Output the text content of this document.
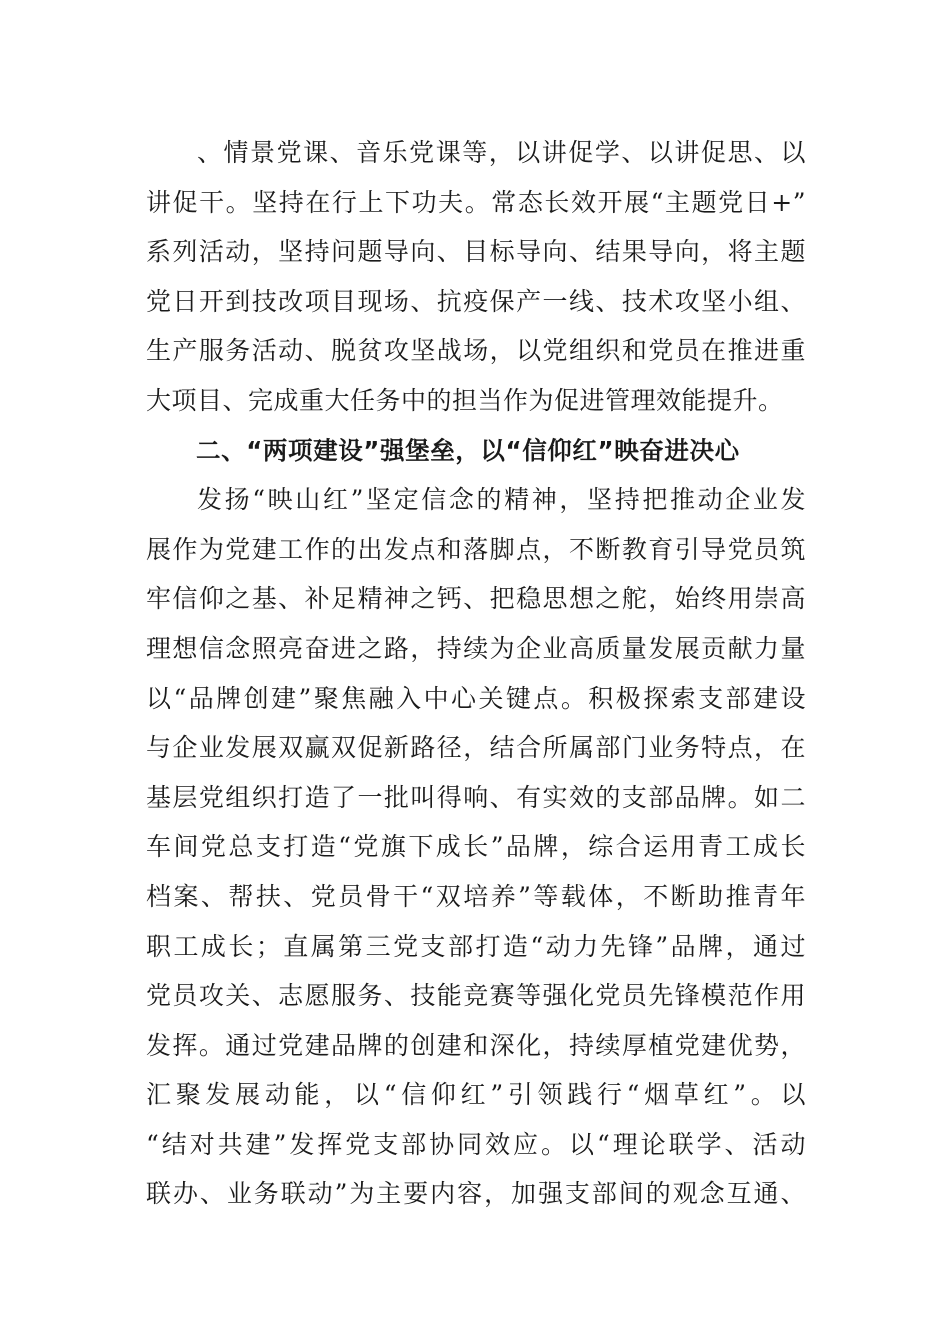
、情景党课、音乐党课等，以讲促学、以讲促思、以
讲促干。坚持在行上下功夫。常态长效开展“主题党日+”
系列活动，坚持问题导向、目标导向、结果导向，将主题
党日开到技改项目现场、抗疫保产一线、技术攻坚小组、
生产服务活动、脱贫攻坚战场，以党组织和党员在推进重
大项目、完成重大任务中的担当作为促进管理效能提升。
二、“两项建设”强堡垒，以“信仰红”映奋进决心
发扬“映山红”坚定信念的精神，坚持把推动企业发
展作为党建工作的出发点和落脚点，不断教育引导党员筑
牢信仰之基、补足精神之钙、把稳思想之舵，始终用崇高
理想信念照亮奋进之路，持续为企业高质量发展贡献力量
以“品牌创建”聚焦融入中心关键点。积极探索支部建设
与企业发展双赢双促新路径，结合所属部门业务特点，在
基层党组织打造了一批叫得响、有实效的支部品牌。如二
车间党总支打造“党旗下成长”品牌，综合运用青工成长
档案、帮扶、党员骨干“双培养”等载体，不断助推青年
职工成长；直属第三党支部打造“动力先锋”品牌，通过
党员攻关、志愿服务、技能竞赛等强化党员先锋模范作用
发挥。通过党建品牌的创建和深化，持续厚植党建优势，
汇聚发展动能，以“信仰红”引领践行“烟草红”。以
“结对共建”发挥党支部协同效应。以“理论联学、活动
联办、业务联动”为主要内容，加强支部间的观念互通、
